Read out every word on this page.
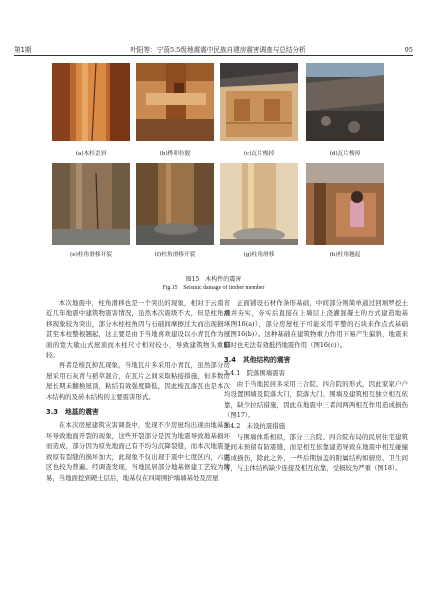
第1期	叶阳等：宁蒗5.5级地震震中民族自建房震害调查与总结分析	95
(a)木柱歪斜	(b)榫卯拉脱	(c)瓦片梭掉	(d)瓦片梭掉
(e)柱角滑移开裂	(f)柱角滑移开裂	(g)柱角滑移	(h)柱角翘起
图15　木构件的震害
Fig.15　Seismic damage of timber member

本次地震中，柱角滑移也是一个突出的现象，相对于云南省近几年地震中建筑物震害情况，虽然本次震级不大，但是柱角滑移现象较为突出，部分木柱柱角因与石础间摩擦过大而出现损坏甚至本柱整根翘起，这主要是由于当地喜欢建设以小青瓦作为屋面的宽大歇山式屋顶而木柱尺寸相对较小，导致建筑物头重脚轻。

再者是梭瓦掉瓦现象，当地瓦片多采用小青瓦，虽然部分房屋采用石灰青与稻草混合，在瓦片之间采取粘接措施，但多数房屋长期未翻换屋顶，粘结有效强度降低，因此梭瓦落瓦也是本次木结构的及砖木结构的主要震害形式。

3.3　地基的震害

在本次房屋建筑灾害调查中，发现不少房屋均出现由地基损坏导致地面开裂的现象，这些开裂部分是因为地震导致地基损坏而造成，部分因为原先地面已有不均匀沉降裂缝，而本次地震导致原有裂缝的损坏加大，此现象不仅出现于震中七度区内，六度区也较为普遍。经调查发现，当地民居部分地基修建工艺较为简易，当地面挖到硬土层后，地基仅在四周围护墙墙基处及房屋

正面铺设石材作条形基础，中间部分则简单通过回填罗挖土填并夯实，夯实后直接在上墙层上浇灌混凝土的方式建造地基（图16(a)），部分房屋柱子可能采用平整的石块来作点式基础（图16(b)）。这种基础在建筑物重力作用下易产生偏斜，地震来临时也无法有效抵挡地震作用（图16(c)）。

3.4　其他结构的震害
3.4.1　院落围墙震害

由于当地民居多采用三合院、四合院的形式，因此家家户户均设置围墙及院落大门，院落大门、围墙及建筑相互独立相互依靠，缺少拉结措施，因此在地震中三者间两两相互作用造成损伤（图17）。

3.4.2　未设抗震措施

与围墙体系相似，部分三合院、四合院布局的民居住宅建筑之间未预留有防震缝，而是相互依靠建造导致在地震中相互碰撞造成损伤，除此之外，一些后期加盖的附属结构如厨房、卫生间等，与主体结构缺少连接及相互依靠，受损较为严重（图18）。
